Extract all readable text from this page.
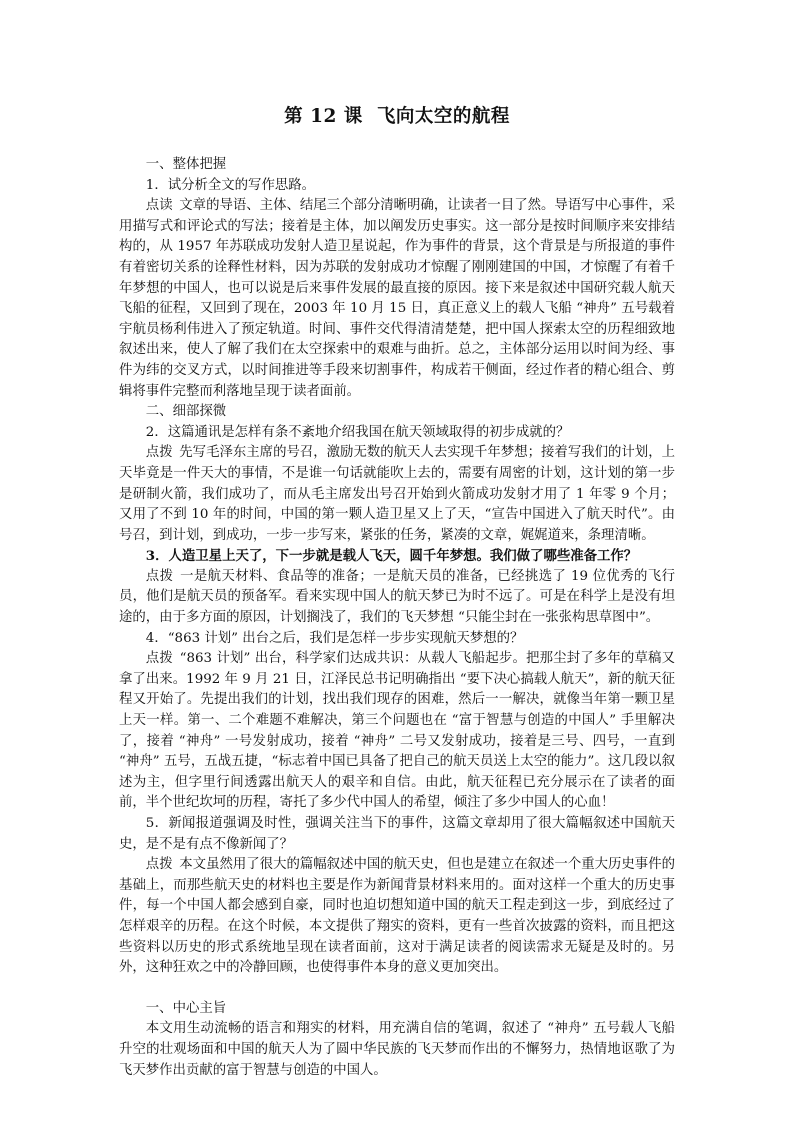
第 12 课 飞向太空的航程

一、整体把握

1．试分析全文的写作思路。

点读 文章的导语、主体、结尾三个部分清晰明确，让读者一目了然。导语写中心事件，采用描写式和评论式的写法；接着是主体，加以阐发历史事实。这一部分是按时间顺序来安排结构的，从 1957 年苏联成功发射人造卫星说起，作为事件的背景，这个背景是与所报道的事件有着密切关系的诠释性材料，因为苏联的发射成功才惊醒了刚刚建国的中国，才惊醒了有着千年梦想的中国人，也可以说是后来事件发展的最直接的原因。接下来是叙述中国研究载人航天飞船的征程，又回到了现在，2003 年 10 月 15 日，真正意义上的载人飞船 “神舟” 五号载着宇航员杨利伟进入了预定轨道。时间、事件交代得清清楚楚，把中国人探索太空的历程细致地叙述出来，使人了解了我们在太空探索中的艰难与曲折。总之，主体部分运用以时间为经、事件为纬的交叉方式，以时间推进等手段来切割事件，构成若干侧面，经过作者的精心组合、剪辑将事件完整而利落地呈现于读者面前。

二、细部探微

2．这篇通讯是怎样有条不紊地介绍我国在航天领域取得的初步成就的？

点拨 先写毛泽东主席的号召，激励无数的航天人去实现千年梦想；接着写我们的计划，上天毕竟是一件天大的事情，不是谁一句话就能吹上去的，需要有周密的计划，这计划的第一步是研制火箭，我们成功了，而从毛主席发出号召开始到火箭成功发射才用了 1 年零 9 个月；又用了不到 10 年的时间，中国的第一颗人造卫星又上了天，“宣告中国进入了航天时代”。由号召，到计划，到成功，一步一步写来，紧张的任务，紧凑的文章，娓娓道来，条理清晰。

3．人造卫星上天了，下一步就是载人飞天，圆千年梦想。我们做了哪些准备工作？

点拨 一是航天材料、食品等的准备；一是航天员的准备，已经挑选了 19 位优秀的飞行员，他们是航天员的预备军。看来实现中国人的航天梦已为时不远了。可是在科学上是没有坦途的，由于多方面的原因，计划搁浅了，我们的飞天梦想 “只能尘封在一张张构思草图中”。

4．“863 计划” 出台之后，我们是怎样一步步实现航天梦想的？

点拨 “863 计划” 出台，科学家们达成共识：从载人飞船起步。把那尘封了多年的草稿又拿了出来。1992 年 9 月 21 日，江泽民总书记明确指出 “要下决心搞载人航天”，新的航天征程又开始了。先提出我们的计划，找出我们现存的困难，然后一一解决，就像当年第一颗卫星上天一样。第一、二个难题不难解决，第三个问题也在 “富于智慧与创造的中国人” 手里解决了，接着 “神舟” 一号发射成功，接着 “神舟” 二号又发射成功，接着是三号、四号，一直到 “神舟” 五号，五战五捷，“标志着中国已具备了把自己的航天员送上太空的能力”。这几段以叙述为主，但字里行间透露出航天人的艰辛和自信。由此，航天征程已充分展示在了读者的面前，半个世纪坎坷的历程，寄托了多少代中国人的希望，倾注了多少中国人的心血！

5．新闻报道强调及时性，强调关注当下的事件，这篇文章却用了很大篇幅叙述中国航天史，是不是有点不像新闻了？

点拨 本文虽然用了很大的篇幅叙述中国的航天史，但也是建立在叙述一个重大历史事件的基础上，而那些航天史的材料也主要是作为新闻背景材料来用的。面对这样一个重大的历史事件，每一个中国人都会感到自豪，同时也迫切想知道中国的航天工程走到这一步，到底经过了怎样艰辛的历程。在这个时候，本文提供了翔实的资料，更有一些首次披露的资料，而且把这些资料以历史的形式系统地呈现在读者面前，这对于满足读者的阅读需求无疑是及时的。另外，这种狂欢之中的冷静回顾，也使得事件本身的意义更加突出。

一、中心主旨

本文用生动流畅的语言和翔实的材料，用充满自信的笔调，叙述了 “神舟” 五号载人飞船升空的壮观场面和中国的航天人为了圆中华民族的飞天梦而作出的不懈努力，热情地讴歌了为飞天梦作出贡献的富于智慧与创造的中国人。
